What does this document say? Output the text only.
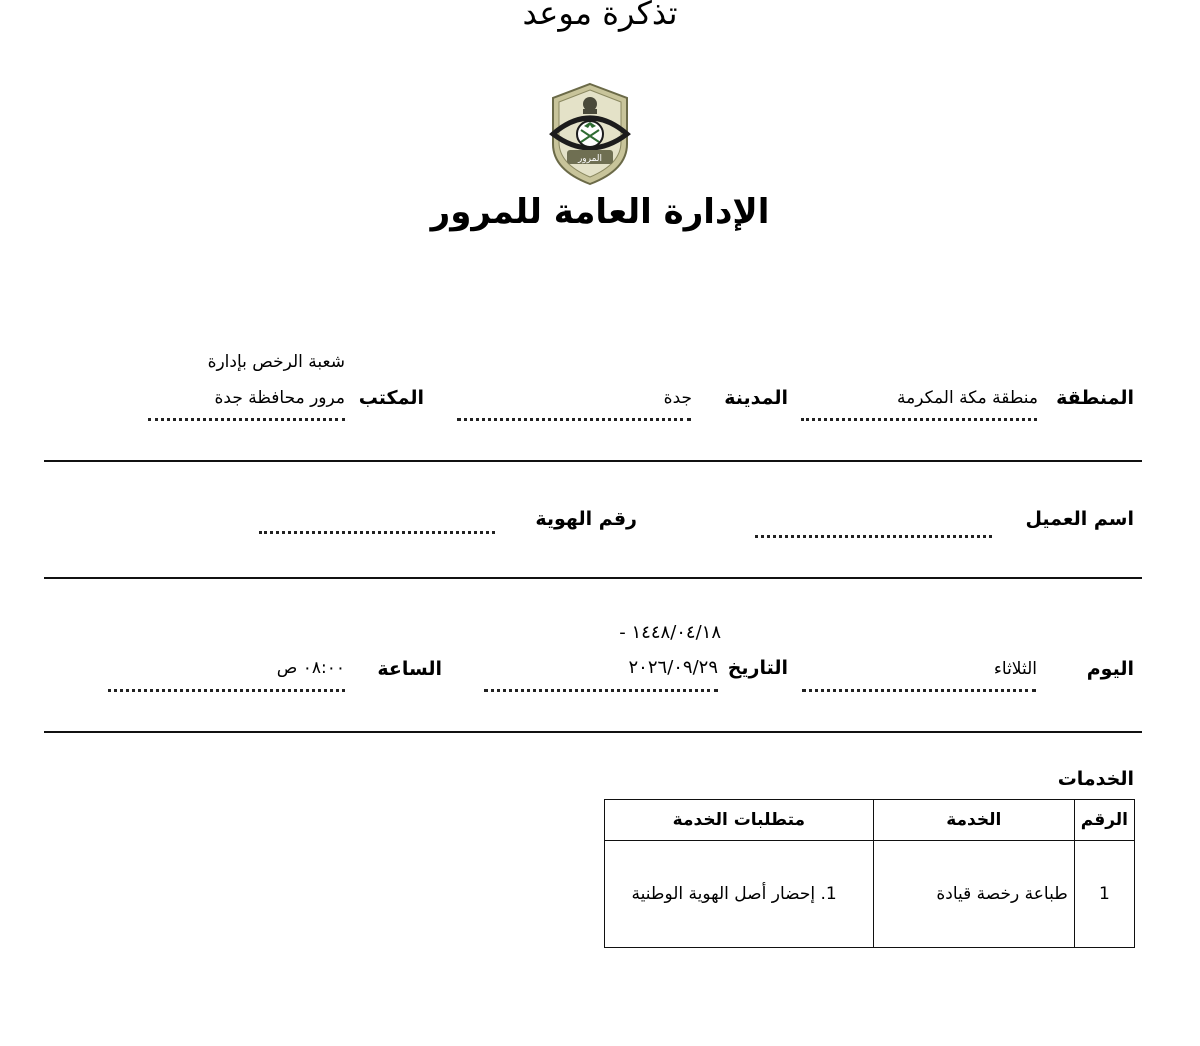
تذكرة موعد
المرور
الإدارة العامة للمرور
المنطقة
منطقة مكة المكرمة
المدينة
جدة
المكتب
شعبة الرخص بإدارة
مرور محافظة جدة
اسم العميل
رقم الهوية
اليوم
الثلاثاء
١٤٤٨/٠٤/١٨ -
التاريخ
٢٠٢٦/٠٩/٢٩
الساعة
٠٨:٠٠ ص
الخدمات
الرقم	الخدمة	متطلبات الخدمة
1	طباعة رخصة قيادة	1. إحضار أصل الهوية الوطنية
